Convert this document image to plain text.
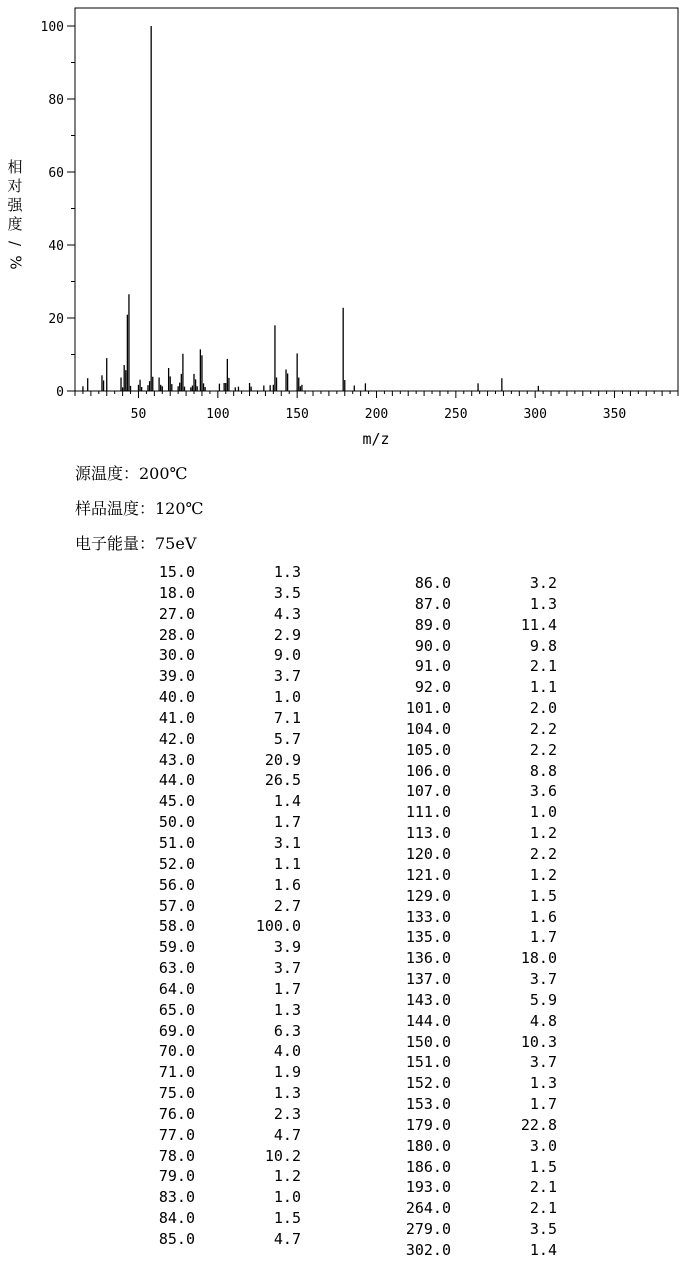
0
20
40
60
80
100
50	100	150	200	250	300	350
m/z
相
对
强
度
/
%
源温度：200℃
样品温度：120℃
电子能量：75eV
15.0	1.3
18.0	3.5
27.0	4.3
28.0	2.9
30.0	9.0
39.0	3.7
40.0	1.0
41.0	7.1
42.0	5.7
43.0	20.9
44.0	26.5
45.0	1.4
50.0	1.7
51.0	3.1
52.0	1.1
56.0	1.6
57.0	2.7
58.0	100.0
59.0	3.9
63.0	3.7
64.0	1.7
65.0	1.3
69.0	6.3
70.0	4.0
71.0	1.9
75.0	1.3
76.0	2.3
77.0	4.7
78.0	10.2
79.0	1.2
83.0	1.0
84.0	1.5
85.0	4.7
86.0	3.2
87.0	1.3
89.0	11.4
90.0	9.8
91.0	2.1
92.0	1.1
101.0	2.0
104.0	2.2
105.0	2.2
106.0	8.8
107.0	3.6
111.0	1.0
113.0	1.2
120.0	2.2
121.0	1.2
129.0	1.5
133.0	1.6
135.0	1.7
136.0	18.0
137.0	3.7
143.0	5.9
144.0	4.8
150.0	10.3
151.0	3.7
152.0	1.3
153.0	1.7
179.0	22.8
180.0	3.0
186.0	1.5
193.0	2.1
264.0	2.1
279.0	3.5
302.0	1.4
